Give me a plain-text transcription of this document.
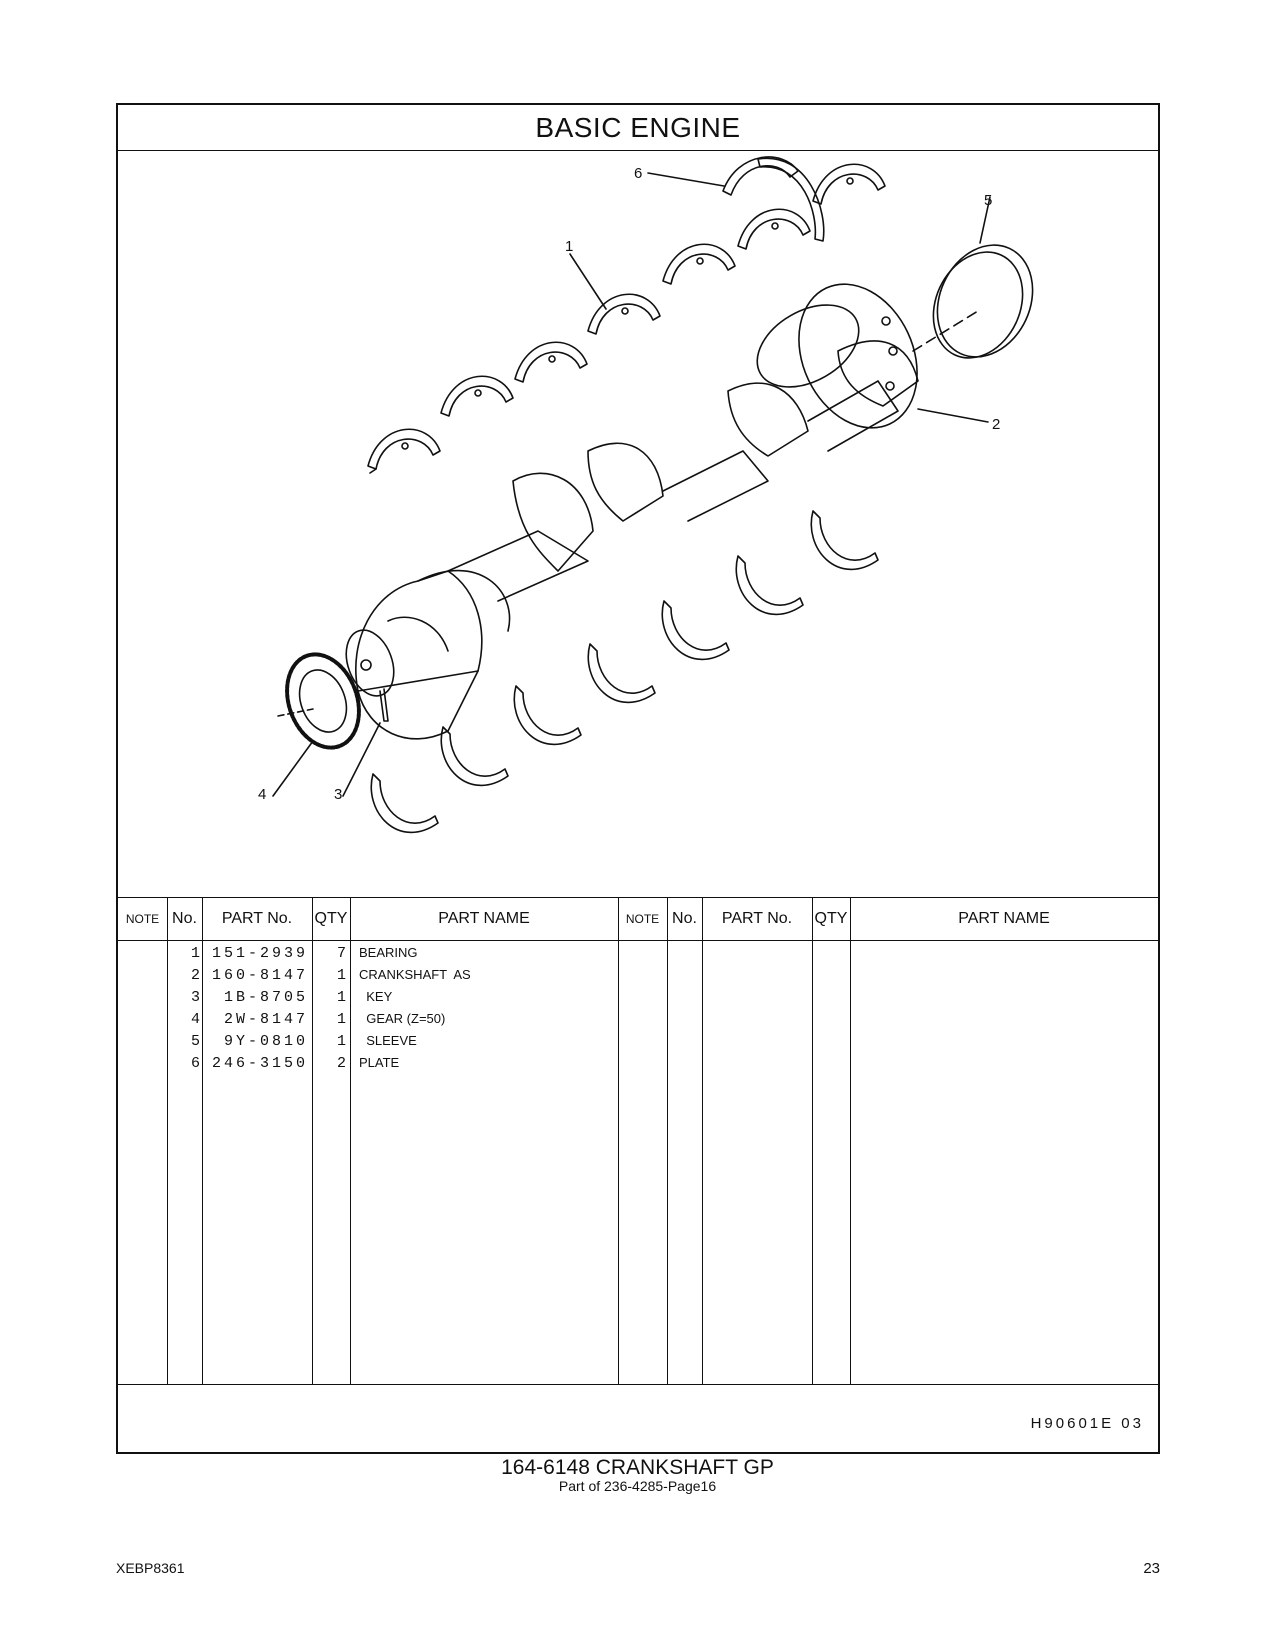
BASIC ENGINE
1
2
3
4
5
6
NOTE No.	PART No.	QTY	PART NAME	NOTE No.	PART No.	QTY	PART NAME
1 151-2939	7 BEARING
2 160-8147	1 CRANKSHAFT  AS
3	1B-8705	1 KEY
4	2W-8147	1 GEAR (Z=50)
5	9Y-0810	1 SLEEVE
6 246-3150	2 PLATE
H90601E 03
164-6148 CRANKSHAFT GP
Part of 236-4285-Page16
XEBP8361	23
